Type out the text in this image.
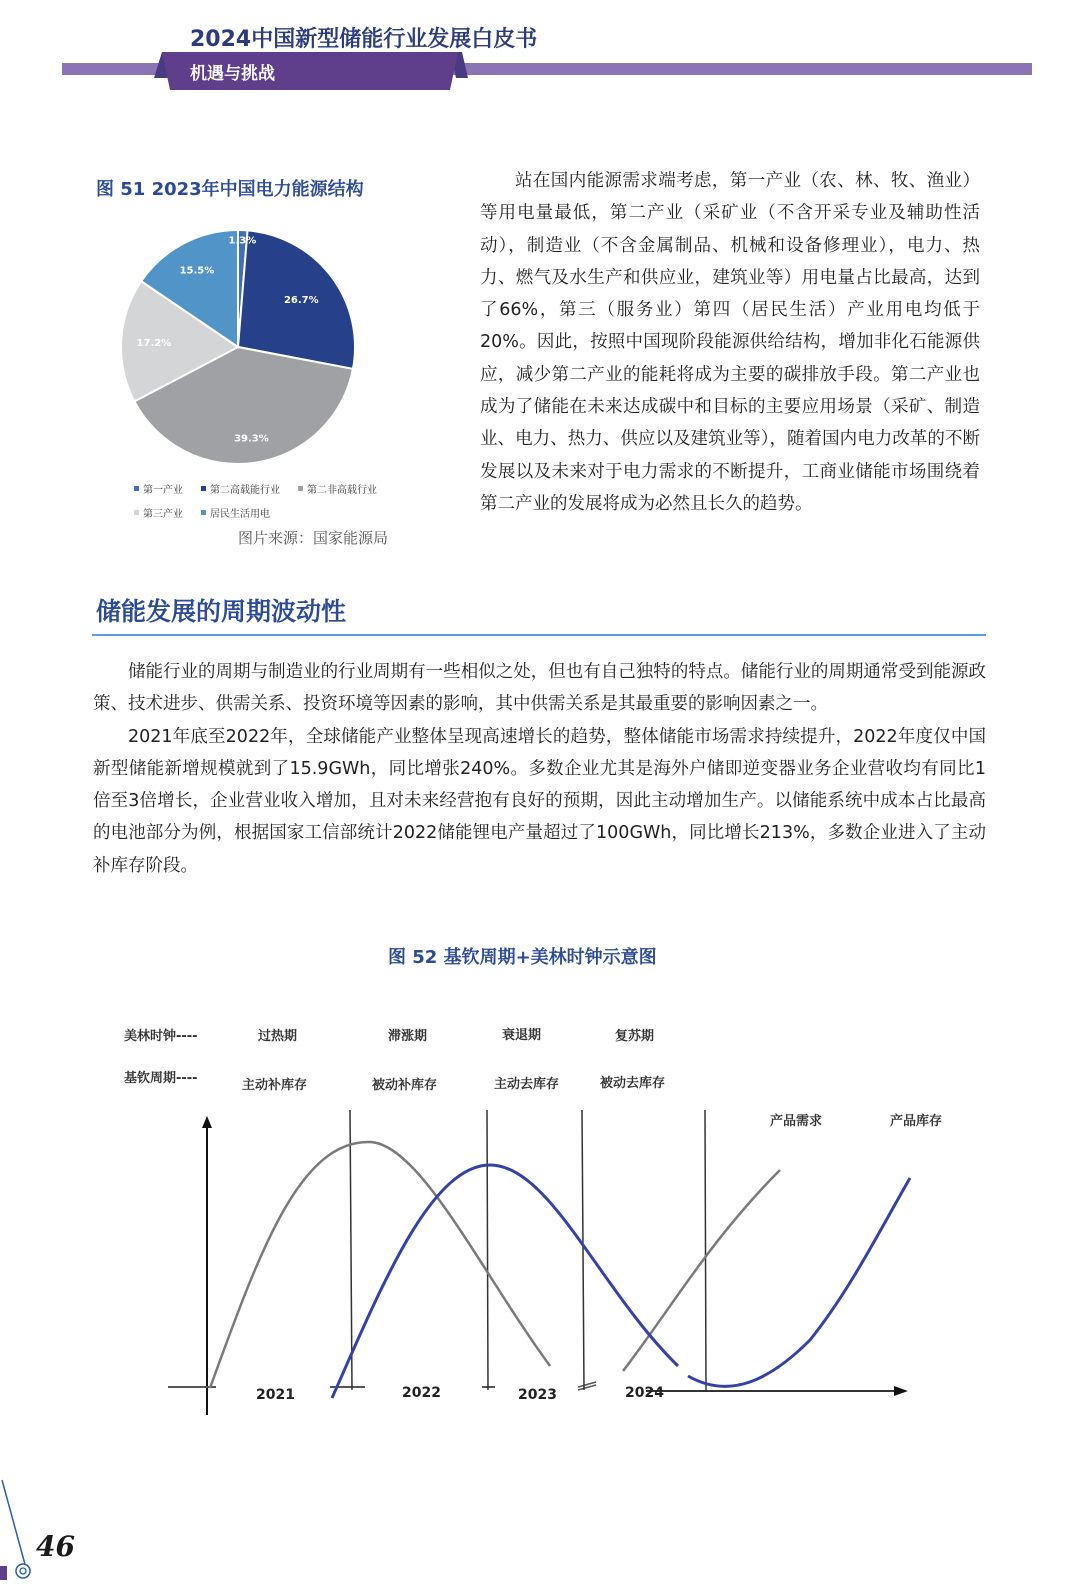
2024中国新型储能行业发展白皮书
机遇与挑战
图 51 2023年中国电力能源结构
1.3%
26.7%
39.3%
17.2%
15.5%
第一产业	第二高载能行业	第二非高载行业
第三产业	居民生活用电
图片来源：国家能源局

站在国内能源需求端考虑，第一产业（农、林、牧、渔业）等用电量最低，第二产业（采矿业（不含开采专业及辅助性活动），制造业（不含金属制品、机械和设备修理业），电力、热力、燃气及水生产和供应业，建筑业等）用电量占比最高，达到了66%，第三（服务业）第四（居民生活）产业用电均低于20%。因此，按照中国现阶段能源供给结构，增加非化石能源供应，减少第二产业的能耗将成为主要的碳排放手段。第二产业也成为了储能在未来达成碳中和目标的主要应用场景（采矿、制造业、电力、热力、供应以及建筑业等），随着国内电力改革的不断发展以及未来对于电力需求的不断提升，工商业储能市场围绕着第二产业的发展将成为必然且长久的趋势。

储能发展的周期波动性

储能行业的周期与制造业的行业周期有一些相似之处，但也有自己独特的特点。储能行业的周期通常受到能源政策、技术进步、供需关系、投资环境等因素的影响，其中供需关系是其最重要的影响因素之一。

2021年底至2022年，全球储能产业整体呈现高速增长的趋势，整体储能市场需求持续提升，2022年度仅中国新型储能新增规模就到了15.9GWh，同比增张240%。多数企业尤其是海外户储即逆变器业务企业营收均有同比1倍至3倍增长，企业营业收入增加，且对未来经营抱有良好的预期，因此主动增加生产。以储能系统中成本占比最高的电池部分为例，根据国家工信部统计2022储能锂电产量超过了100GWh，同比增长213%，多数企业进入了主动补库存阶段。

图 52 基钦周期+美林时钟示意图
美林时钟----
基钦周期----
过热期	滞涨期	衰退期	复苏期
主动补库存	被动补库存	主动去库存	被动去库存
2021	2022	2023	2024
产品需求	产品库存
46
